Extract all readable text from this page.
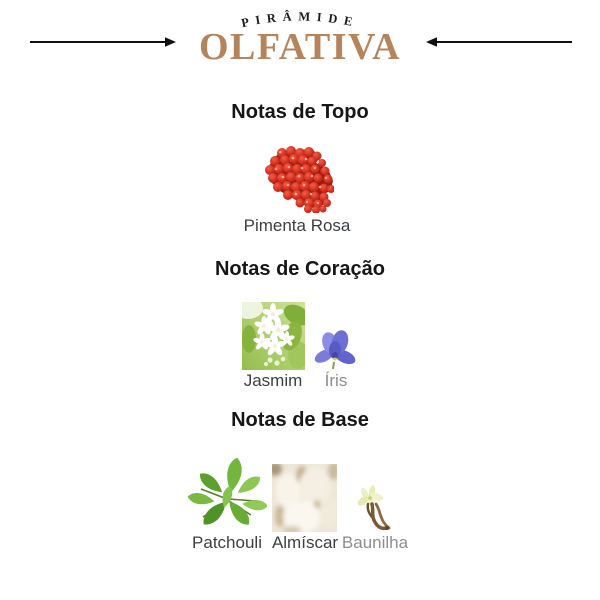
PIRÂMIDE
OLFATIVA
Notas de Topo
Pimenta Rosa
Notas de Coração
Jasmim Íris
Notas de Base
Patchouli Almíscar Baunilha
